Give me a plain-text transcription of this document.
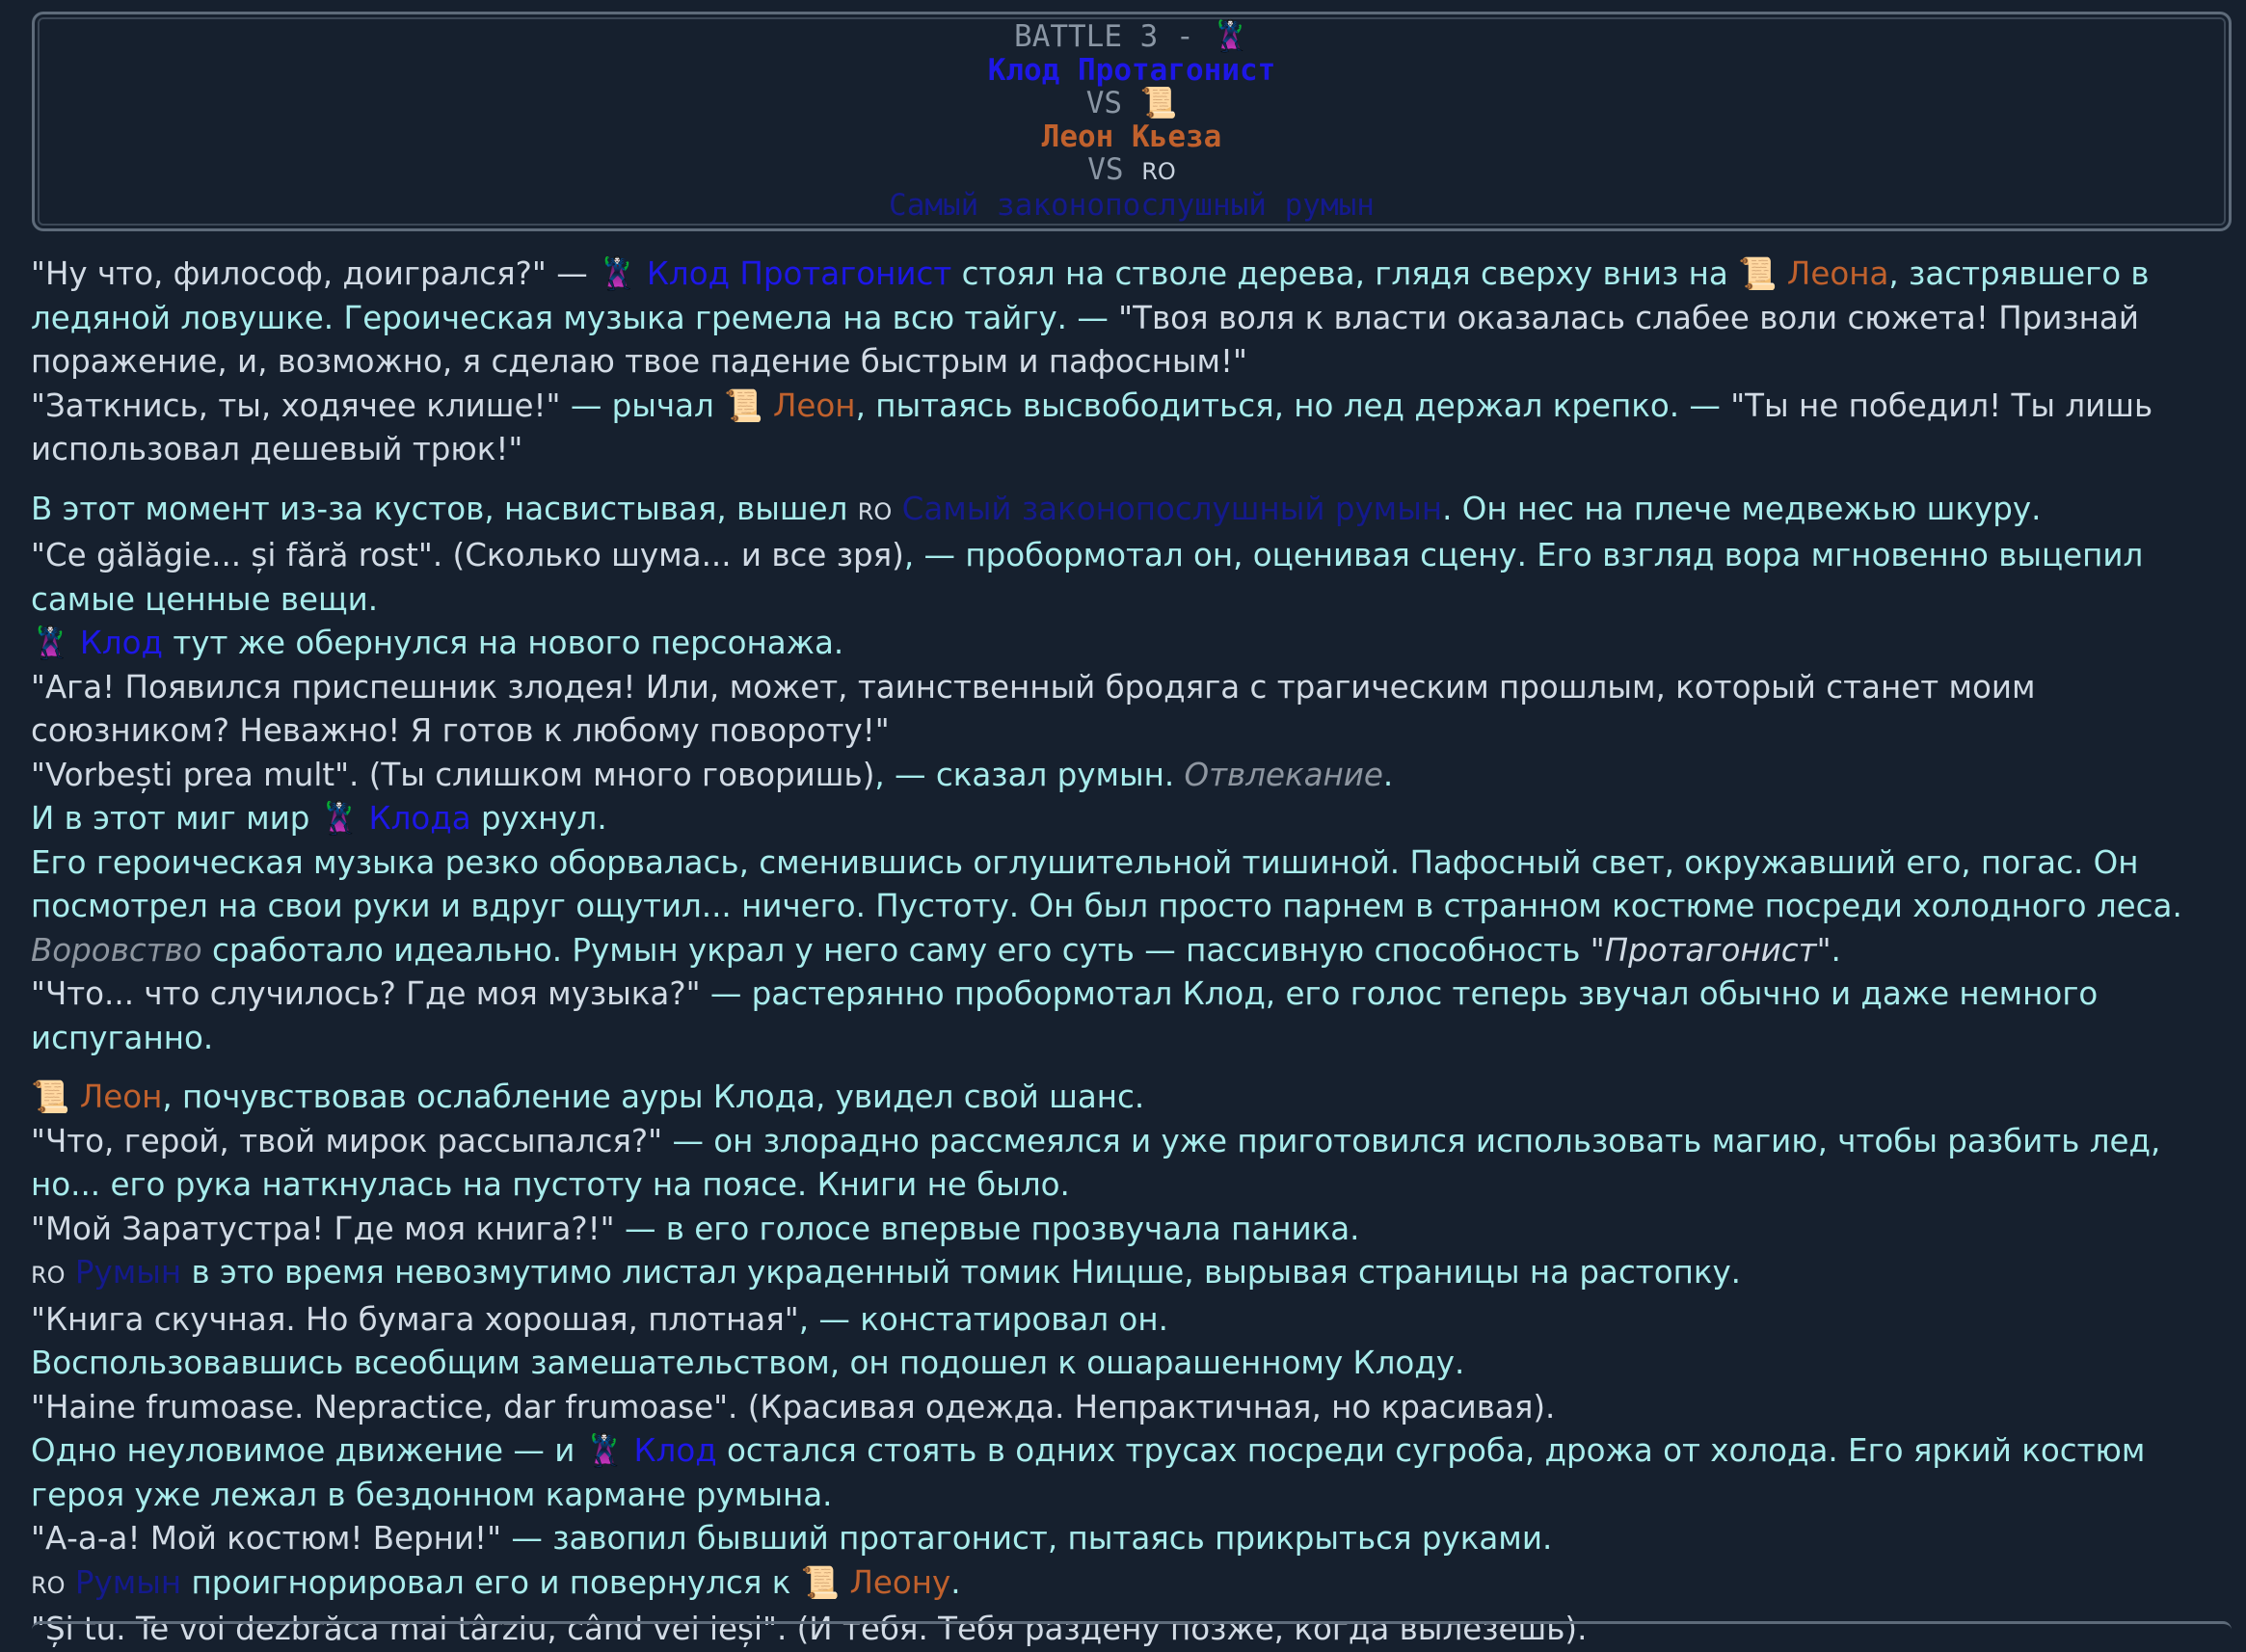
BATTLE 3 - 🦹
Клод Протагонист
VS 📜
Леон Кьеза
VS RO
Самый законопослушный румын

"Ну что, философ, доигрался?" — 🦹 Клод Протагонист стоял на стволе дерева, глядя сверху вниз на 📜 Леона, застрявшего в ледяной ловушке. Героическая музыка гремела на всю тайгу. — "Твоя воля к власти оказалась слабее воли сюжета! Признай поражение, и, возможно, я сделаю твое падение быстрым и пафосным!"

"Заткнись, ты, ходячее клише!" — рычал 📜 Леон, пытаясь высвободиться, но лед держал крепко. — "Ты не победил! Ты лишь использовал дешевый трюк!"

В этот момент из-за кустов, насвистывая, вышел RO Самый законопослушный румын. Он нес на плече медвежью шкуру.

"Ce gălăgie... și fără rost". (Сколько шума... и все зря), — пробормотал он, оценивая сцену. Его взгляд вора мгновенно выцепил самые ценные вещи.

🦹 Клод тут же обернулся на нового персонажа.

"Ага! Появился приспешник злодея! Или, может, таинственный бродяга с трагическим прошлым, который станет моим союзником? Неважно! Я готов к любому повороту!"

"Vorbești prea mult". (Ты слишком много говоришь), — сказал румын. Отвлекание.

И в этот миг мир 🦹 Клода рухнул.

Его героическая музыка резко оборвалась, сменившись оглушительной тишиной. Пафосный свет, окружавший его, погас. Он посмотрел на свои руки и вдруг ощутил... ничего. Пустоту. Он был просто парнем в странном костюме посреди холодного леса. Воровство сработало идеально. Румын украл у него саму его суть — пассивную способность "Протагонист".

"Что... что случилось? Где моя музыка?" — растерянно пробормотал Клод, его голос теперь звучал обычно и даже немного испуганно.

📜 Леон, почувствовав ослабление ауры Клода, увидел свой шанс.

"Что, герой, твой мирок рассыпался?" — он злорадно рассмеялся и уже приготовился использовать магию, чтобы разбить лед, но... его рука наткнулась на пустоту на поясе. Книги не было.

"Мой Заратустра! Где моя книга?!" — в его голосе впервые прозвучала паника.

RO Румын в это время невозмутимо листал украденный томик Ницше, вырывая страницы на растопку.

"Книга скучная. Но бумага хорошая, плотная", — констатировал он.

Воспользовавшись всеобщим замешательством, он подошел к ошарашенному Клоду.

"Haine frumoase. Nepractice, dar frumoase". (Красивая одежда. Непрактичная, но красивая).

Одно неуловимое движение — и 🦹 Клод остался стоять в одних трусах посреди сугроба, дрожа от холода. Его яркий костюм героя уже лежал в бездонном кармане румына.

"А-а-а! Мой костюм! Верни!" — завопил бывший протагонист, пытаясь прикрыться руками.

RO Румын проигнорировал его и повернулся к 📜 Леону.

"Și tu. Te voi dezbrăca mai târziu, când vei ieși". (И тебя. Тебя раздену позже, когда вылезешь).
